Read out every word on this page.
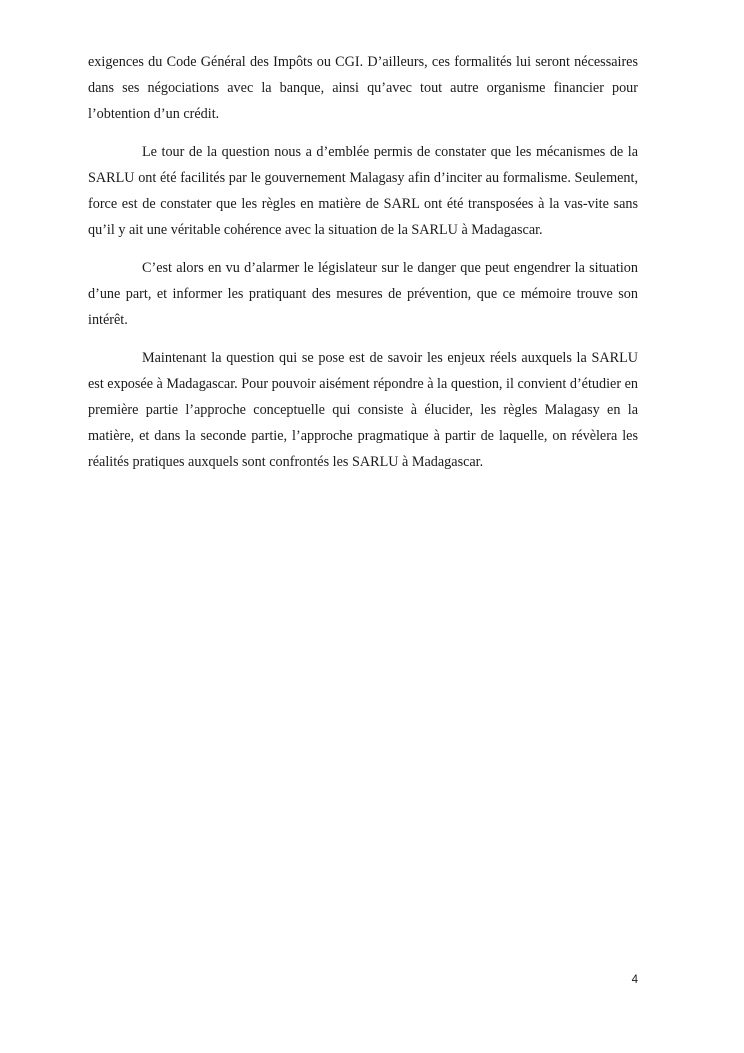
exigences du Code Général des Impôts ou CGI. D’ailleurs, ces formalités lui seront nécessaires dans ses négociations avec la banque, ainsi qu’avec tout autre organisme financier pour l’obtention d’un crédit.

Le tour de la question nous a d’emblée permis de constater que les mécanismes de la SARLU ont été facilités par le gouvernement Malagasy afin d’inciter au formalisme. Seulement, force est de constater que les règles en matière de SARL ont été transposées à la vas-vite sans qu’il y ait une véritable cohérence avec la situation de la SARLU à Madagascar.

C’est alors en vu d’alarmer le législateur sur le danger que peut engendrer la situation d’une part, et informer les pratiquant des mesures de prévention, que ce mémoire trouve son intérêt.

Maintenant la question qui se pose est de savoir les enjeux réels auxquels la SARLU est exposée à Madagascar. Pour pouvoir aisément répondre à la question, il convient d’étudier en première partie l’approche conceptuelle qui consiste à élucider, les règles Malagasy en la matière, et dans la seconde partie, l’approche pragmatique à partir de laquelle, on révèlera les réalités pratiques auxquels sont confrontés les SARLU à Madagascar.

4
